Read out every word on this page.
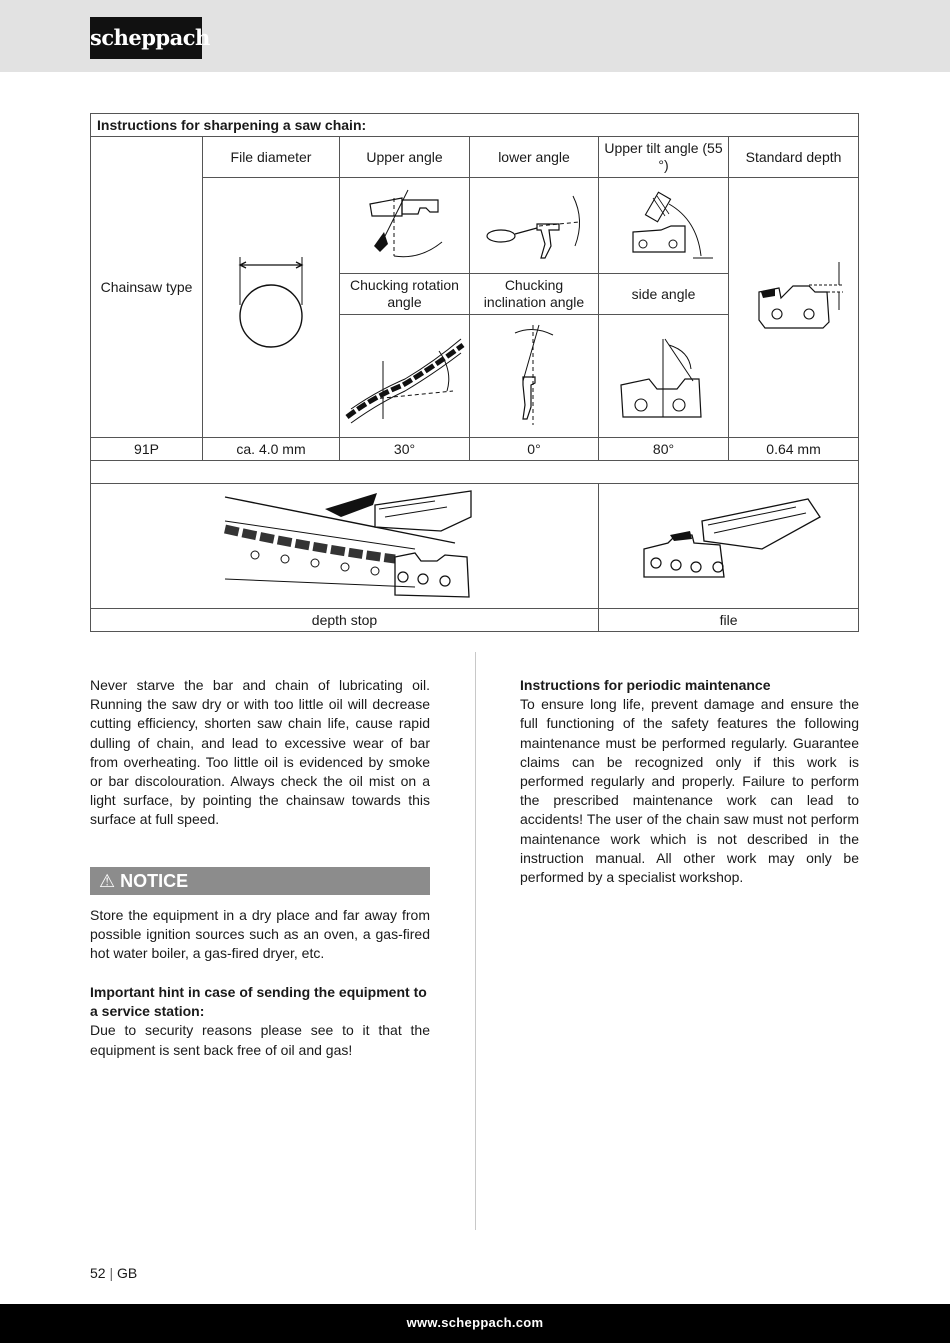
scheppach
Instructions for sharpening a saw chain:					
Chainsaw type	File diameter	Upper angle	lower angle	Upper tilt angle (55 °)	Standard depth

		Chucking rotation angle	Chucking inclination angle	side angle	

91P	ca. 4.0 mm	30°	0°	80°	0.64 mm

depth stop				file	

Never starve the bar and chain of lubricating oil. Running the saw dry or with too little oil will decrease cutting efficiency, shorten saw chain life, cause rapid dulling of chain, and lead to excessive wear of bar from overheating. Too little oil is evidenced by smoke or bar discolouration. Always check the oil mist on a light surface, by pointing the chainsaw towards this surface at full speed.

⚠ NOTICE

Store the equipment in a dry place and far away from possible ignition sources such as an oven, a gas-fired hot water boiler, a gas-fired dryer, etc.

Important hint in case of sending the equipment to a service station:

Due to security reasons please see to it that the equipment is sent back free of oil and gas!

Instructions for periodic maintenance

To ensure long life, prevent damage and ensure the full functioning of the safety features the following maintenance must be performed regularly. Guarantee claims can be recognized only if this work is performed regularly and properly. Failure to perform the prescribed maintenance work can lead to accidents! The user of the chain saw must not perform maintenance work which is not described in the instruction manual. All other work may only be performed by a specialist workshop.

52 | GB
www.scheppach.com
